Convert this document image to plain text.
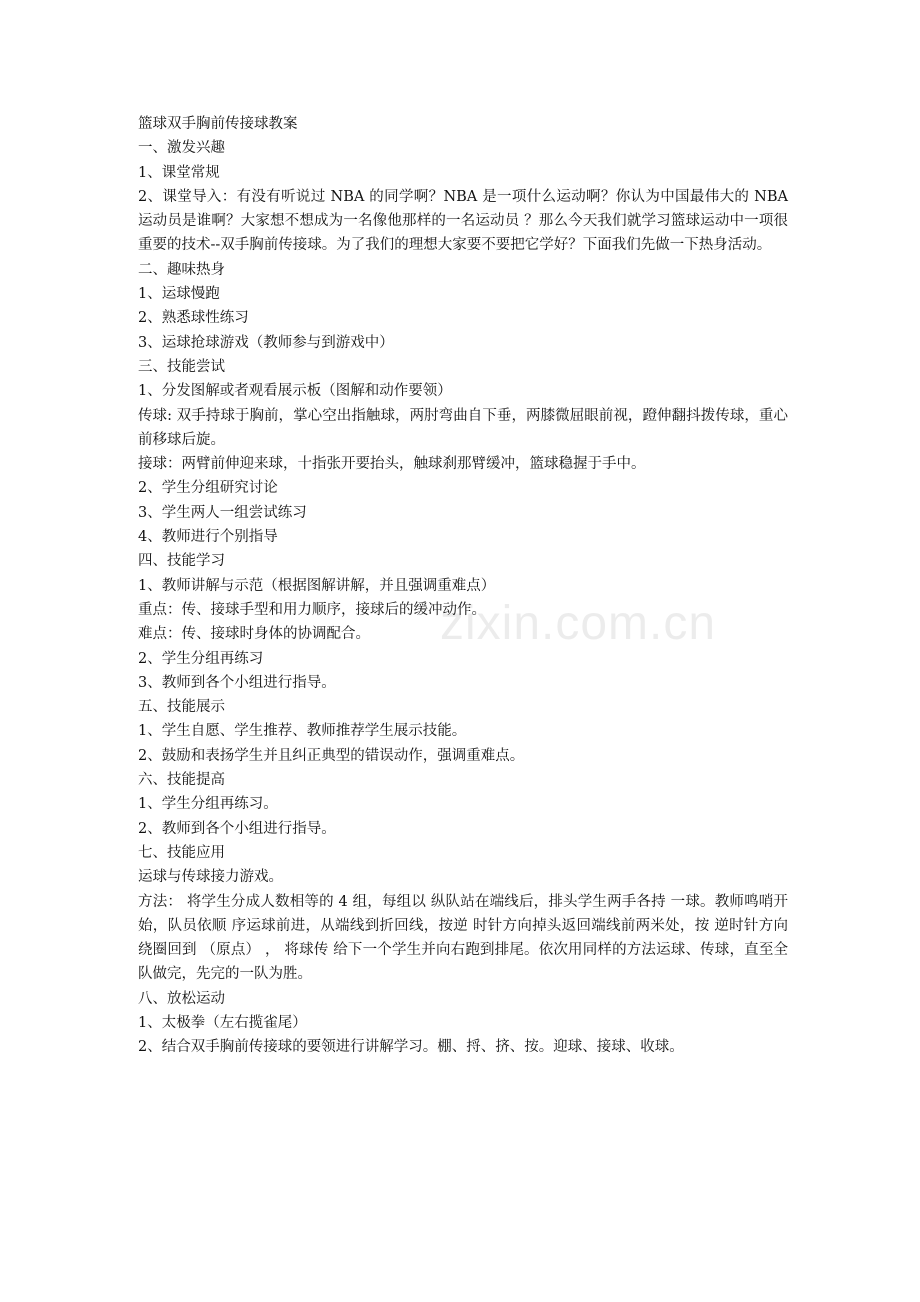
篮球双手胸前传接球教案

一、激发兴趣

1、课堂常规

2、课堂导入：有没有听说过 NBA 的同学啊？NBA 是一项什么运动啊？你认为中国最伟大的 NBA 运动员是谁啊？大家想不想成为一名像他那样的一名运动员 ？那么今天我们就学习篮球运动中一项很重要的技术--双手胸前传接球。为了我们的理想大家要不要把它学好？下面我们先做一下热身活动。

二、趣味热身

1、运球慢跑

2、熟悉球性练习

3、运球抢球游戏（教师参与到游戏中）

三、技能尝试

1、分发图解或者观看展示板（图解和动作要领）

传球: 双手持球于胸前，掌心空出指触球，两肘弯曲自下垂，两膝微屈眼前视，蹬伸翻抖拨传球，重心前移球后旋。

接球：两臂前伸迎来球，十指张开要抬头，触球刹那臂缓冲，篮球稳握于手中。

2、学生分组研究讨论

3、学生两人一组尝试练习

4、教师进行个别指导

四、技能学习

1、教师讲解与示范（根据图解讲解，并且强调重难点）

重点：传、接球手型和用力顺序，接球后的缓冲动作。

难点：传、接球时身体的协调配合。

2、学生分组再练习

3、教师到各个小组进行指导。

五、技能展示

1、学生自愿、学生推荐、教师推荐学生展示技能。

2、鼓励和表扬学生并且纠正典型的错误动作，强调重难点。

六、技能提高

1、学生分组再练习。

2、教师到各个小组进行指导。

七、技能应用

运球与传球接力游戏。

方法： 将学生分成人数相等的 4 组，每组以 纵队站在端线后，排头学生两手各持 一球。教师鸣哨开始，队员依顺 序运球前进，从端线到折回线，按逆 时针方向掉头返回端线前两米处，按 逆时针方向绕圈回到 （原点） ， 将球传 给下一个学生并向右跑到排尾。依次用同样的方法运球、传球，直至全队做完，先完的一队为胜。

八、放松运动

1、太极拳（左右揽雀尾）

2、结合双手胸前传接球的要领进行讲解学习。棚、捋、挤、按。迎球、接球、收球。

zixin.com.cn
